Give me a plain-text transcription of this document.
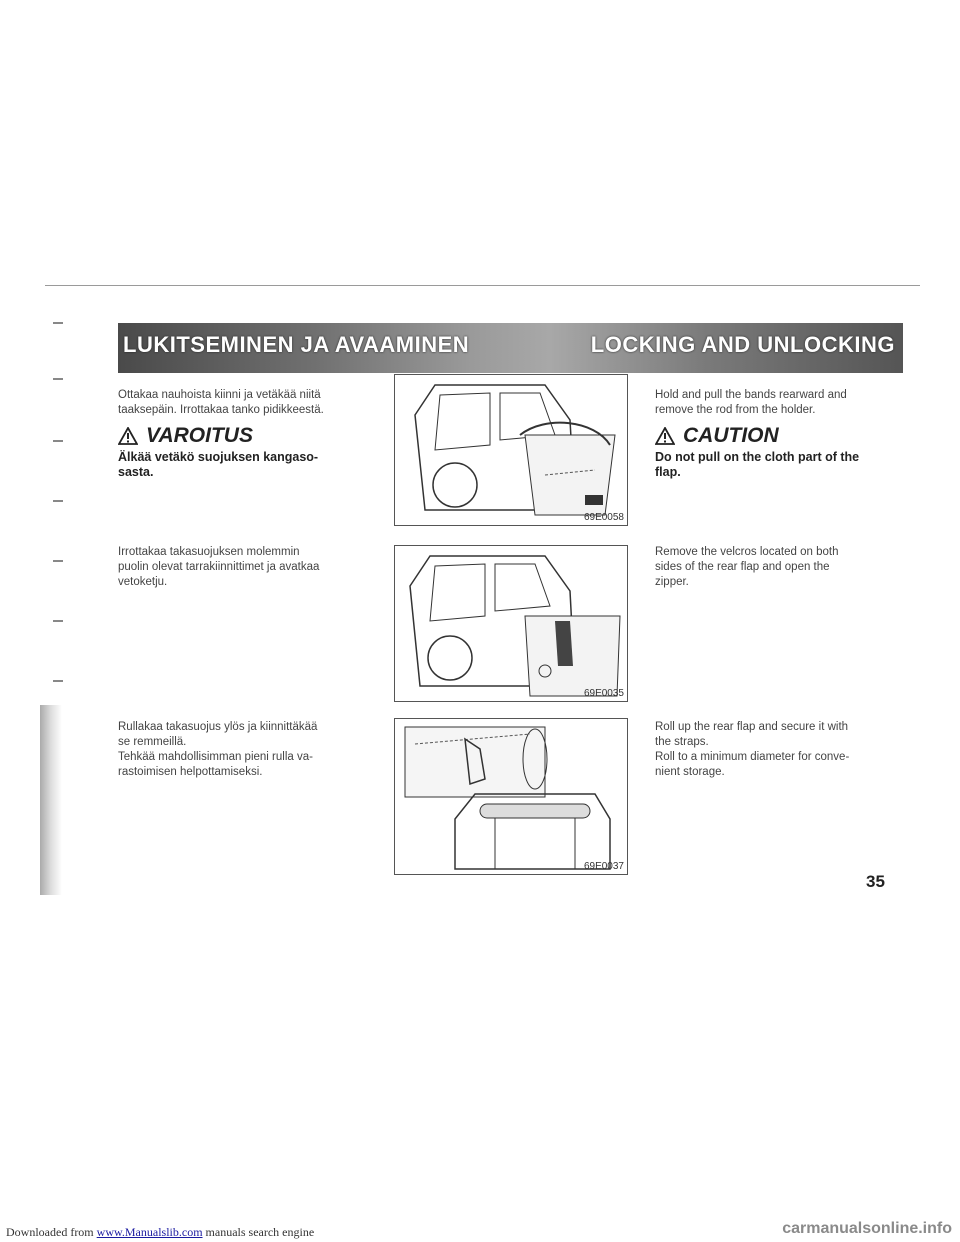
LUKITSEMINEN JA AVAAMINEN	LOCKING AND UNLOCKING
Ottakaa nauhoista kiinni ja vetäkää niitä
taaksepäin. Irrottakaa tanko pidikkeestä.
VAROITUS
Älkää vetäkö suojuksen kangaso-
sasta.
Irrottakaa takasuojuksen molemmin
puolin olevat tarrakiinnittimet ja avatkaa
vetoketju.
Rullakaa takasuojus ylös ja kiinnittäkää
se remmeillä.
Tehkää mahdollisimman pieni rulla va-
rastoimisen helpottamiseksi.
69E0058
69E0035
69E0037
Hold and pull the bands rearward and
remove the rod from the holder.
CAUTION
Do not pull on the cloth part of the
flap.
Remove the velcros located on both
sides of the rear flap and open the
zipper.
Roll up the rear flap and secure it with
the straps.
Roll to a minimum diameter for conve-
nient storage.
35
Downloaded from www.Manualslib.com manuals search engine	carmanualsonline.info
